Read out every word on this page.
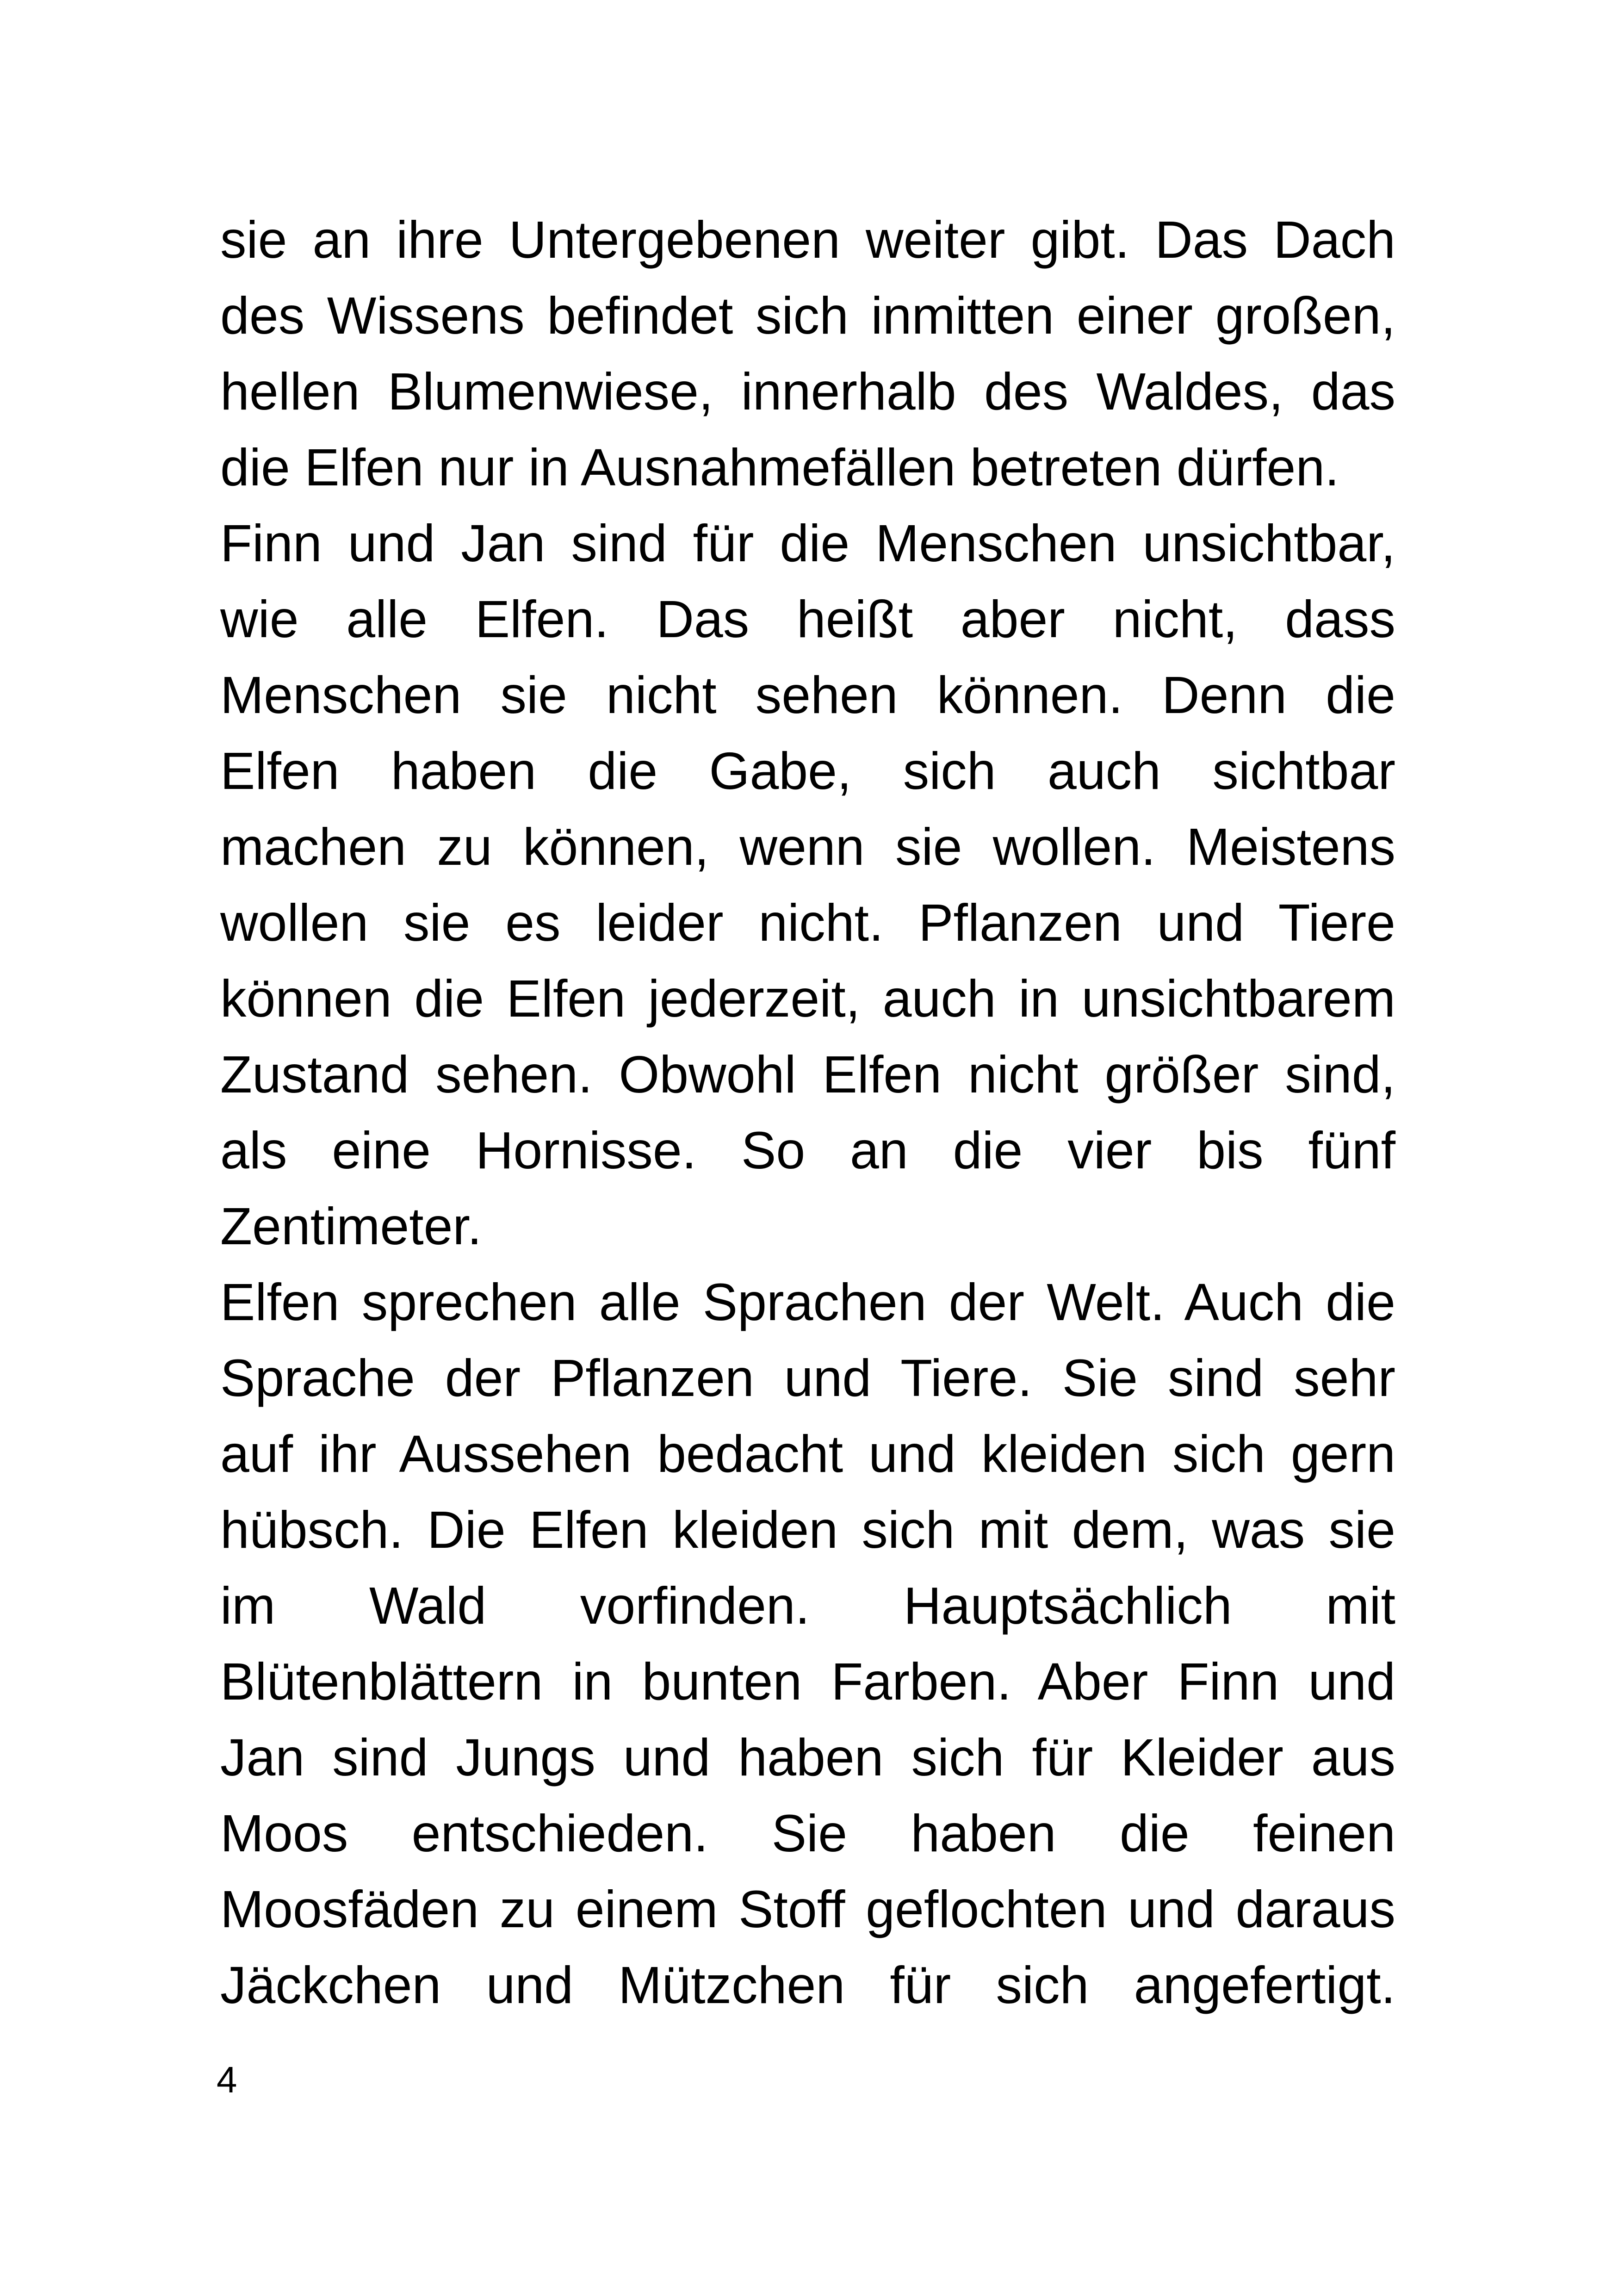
sie an ihre Untergebenen weiter gibt. Das Dach
des Wissens befindet sich inmitten einer großen,
hellen Blumenwiese, innerhalb des Waldes, das
die Elfen nur in Ausnahmefällen betreten dürfen.
Finn und Jan sind für die Menschen unsichtbar,
wie alle Elfen. Das heißt aber nicht, dass
Menschen sie nicht sehen können. Denn die
Elfen haben die Gabe, sich auch sichtbar
machen zu können, wenn sie wollen. Meistens
wollen sie es leider nicht. Pflanzen und Tiere
können die Elfen jederzeit, auch in unsichtbarem
Zustand sehen. Obwohl Elfen nicht größer sind,
als eine Hornisse. So an die vier bis fünf
Zentimeter.
Elfen sprechen alle Sprachen der Welt. Auch die
Sprache der Pflanzen und Tiere. Sie sind sehr
auf ihr Aussehen bedacht und kleiden sich gern
hübsch. Die Elfen kleiden sich mit dem, was sie
im Wald vorfinden. Hauptsächlich mit
Blütenblättern in bunten Farben. Aber Finn und
Jan sind Jungs und haben sich für Kleider aus
Moos entschieden. Sie haben die feinen
Moosfäden zu einem Stoff geflochten und daraus
Jäckchen und Mützchen für sich angefertigt.
4
